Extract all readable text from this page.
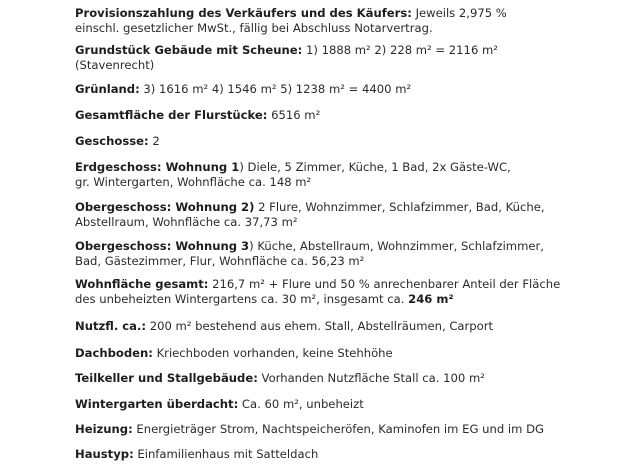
Provisionszahlung des Verkäufers und des Käufers: Jeweils 2,975 %
einschl. gesetzlicher MwSt., fällig bei Abschluss Notarvertrag.
Grundstück Gebäude mit Scheune: 1) 1888 m² 2) 228 m² = 2116 m²
(Stavenrecht)
Grünland: 3) 1616 m² 4) 1546 m² 5) 1238 m² = 4400 m²
Gesamtfläche der Flurstücke: 6516 m²
Geschosse: 2
Erdgeschoss: Wohnung 1) Diele, 5 Zimmer, Küche, 1 Bad, 2x Gäste-WC,
gr. Wintergarten, Wohnfläche ca. 148 m²
Obergeschoss: Wohnung 2) 2 Flure, Wohnzimmer, Schlafzimmer, Bad, Küche,
Abstellraum, Wohnfläche ca. 37,73 m²
Obergeschoss: Wohnung 3) Küche, Abstellraum, Wohnzimmer, Schlafzimmer,
Bad, Gästezimmer, Flur, Wohnfläche ca. 56,23 m²
Wohnfläche gesamt: 216,7 m² + Flure und 50 % anrechenbarer Anteil der Fläche
des unbeheizten Wintergartens ca. 30 m², insgesamt ca. 246 m²
Nutzfl. ca.: 200 m² bestehend aus ehem. Stall, Abstellräumen, Carport
Dachboden: Kriechboden vorhanden, keine Stehhöhe
Teilkeller und Stallgebäude: Vorhanden Nutzfläche Stall ca. 100 m²
Wintergarten überdacht: Ca. 60 m², unbeheizt
Heizung: Energieträger Strom, Nachtspeicheröfen, Kaminofen im EG und im DG
Haustyp: Einfamilienhaus mit Satteldach
